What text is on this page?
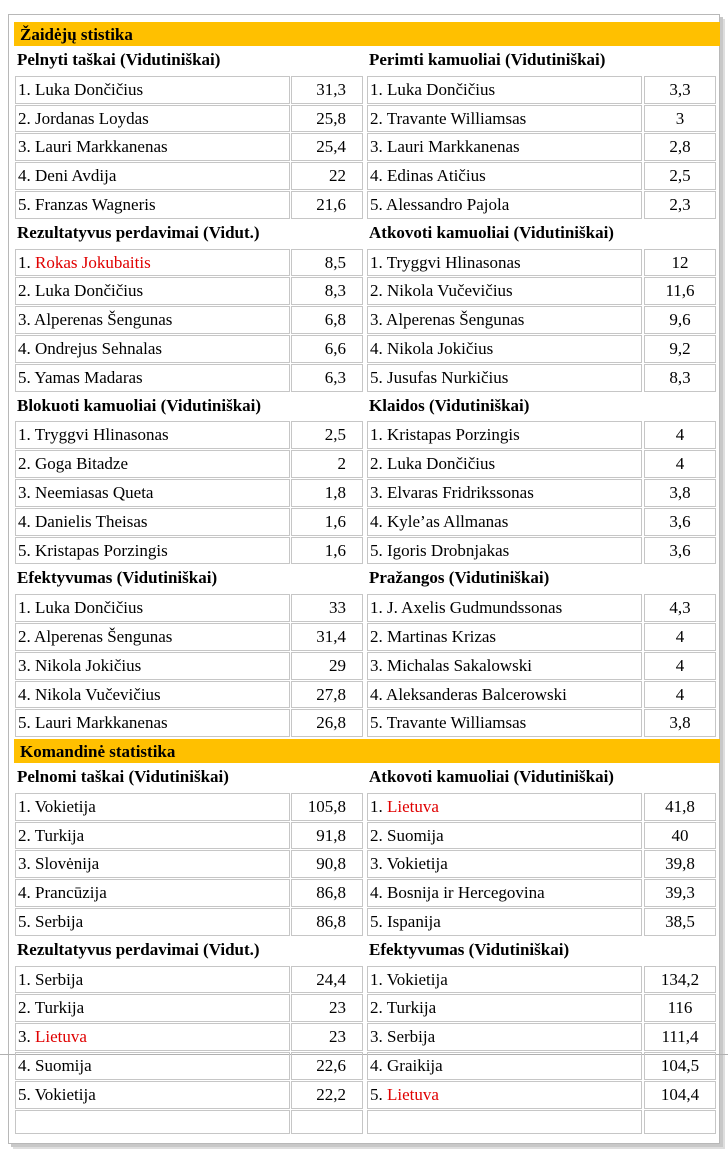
Žaidėjų stistika
Pelnyti taškai (Vidutiniškai)
1. Luka Dončičius	31,3
2. Jordanas Loydas	25,8
3. Lauri Markkanenas	25,4
4. Deni Avdija	22
5. Franzas Wagneris	21,6
Perimti kamuoliai (Vidutiniškai)
1. Luka Dončičius	3,3
2. Travante Williamsas	3
3. Lauri Markkanenas	2,8
4. Edinas Atičius	2,5
5. Alessandro Pajola	2,3
Rezultatyvus perdavimai (Vidut.)
1. Rokas Jokubaitis	8,5
2. Luka Dončičius	8,3
3. Alperenas Šengunas	6,8
4. Ondrejus Sehnalas	6,6
5. Yamas Madaras	6,3
Atkovoti kamuoliai (Vidutiniškai)
1. Tryggvi Hlinasonas	12
2. Nikola Vučevičius	11,6
3. Alperenas Šengunas	9,6
4. Nikola Jokičius	9,2
5. Jusufas Nurkičius	8,3
Blokuoti kamuoliai (Vidutiniškai)
1. Tryggvi Hlinasonas	2,5
2. Goga Bitadze	2
3. Neemiasas Queta	1,8
4. Danielis Theisas	1,6
5. Kristapas Porzingis	1,6
Klaidos (Vidutiniškai)
1. Kristapas Porzingis	4
2. Luka Dončičius	4
3. Elvaras Fridrikssonas	3,8
4. Kyle’as Allmanas	3,6
5. Igoris Drobnjakas	3,6
Efektyvumas (Vidutiniškai)
1. Luka Dončičius	33
2. Alperenas Šengunas	31,4
3. Nikola Jokičius	29
4. Nikola Vučevičius	27,8
5. Lauri Markkanenas	26,8
Pražangos (Vidutiniškai)
1. J. Axelis Gudmundssonas	4,3
2. Martinas Krizas	4
3. Michalas Sakalowski	4
4. Aleksanderas Balcerowski	4
5. Travante Williamsas	3,8
Komandinė statistika
Pelnomi taškai (Vidutiniškai)
1. Vokietija	105,8
2. Turkija	91,8
3. Slovėnija	90,8
4. Prancūzija	86,8
5. Serbija	86,8
Atkovoti kamuoliai (Vidutiniškai)
1. Lietuva	41,8
2. Suomija	40
3. Vokietija	39,8
4. Bosnija ir Hercegovina	39,3
5. Ispanija	38,5
Rezultatyvus perdavimai (Vidut.)
1. Serbija	24,4
2. Turkija	23
3. Lietuva	23
4. Suomija	22,6
5. Vokietija	22,2
Efektyvumas (Vidutiniškai)
1. Vokietija	134,2
2. Turkija	116
3. Serbija	111,4
4. Graikija	104,5
5. Lietuva	104,4
